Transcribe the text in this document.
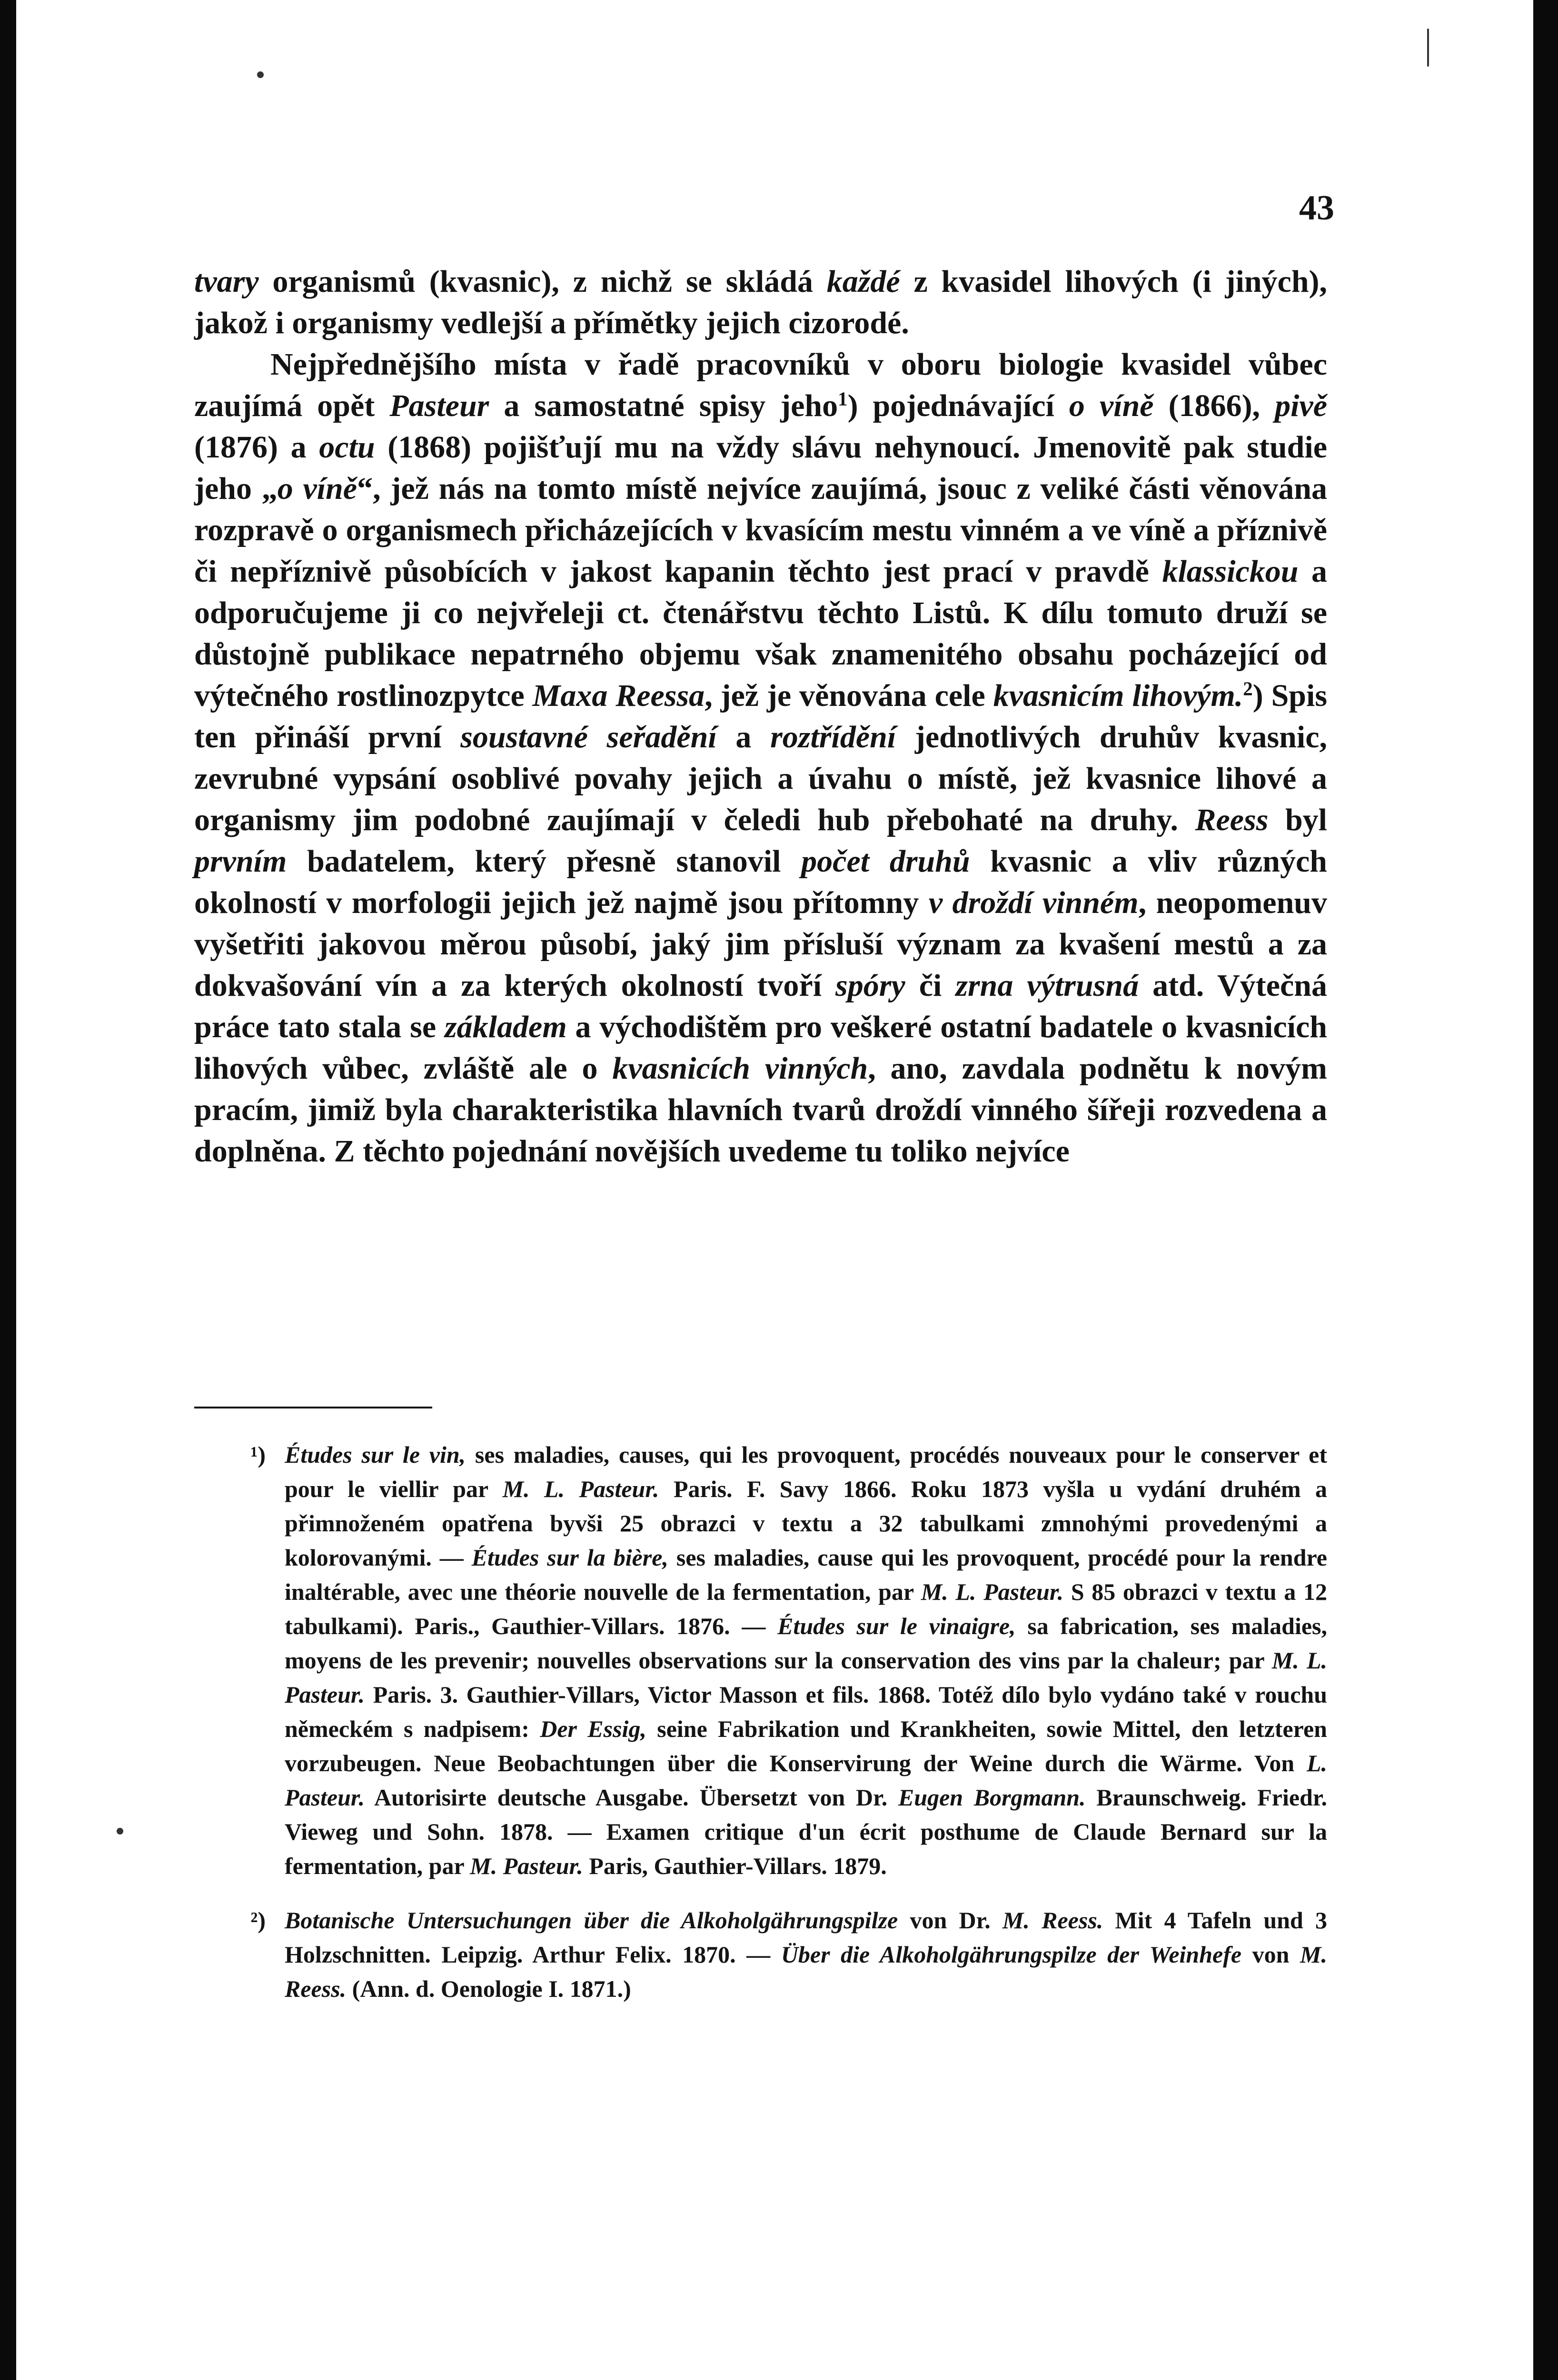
43

tvary organismů (kvasnic), z nichž se skládá každé z kvasidel lihových (i jiných), jakož i organismy vedlejší a přímětky jejich cizorodé.

Nejpřednějšího místa v řadě pracovníků v oboru biologie kvasidel vůbec zaujímá opět Pasteur a samostatné spisy jeho$^1$) pojednávající o víně (1866), pivě (1876) a octu (1868) pojišťují mu na vždy slávu nehynoucí. Jmenovitě pak studie jeho „o víně“, jež nás na tomto místě nejvíce zaujímá, jsouc z veliké části věnována rozpravě o organismech přicházejících v kvasícím mestu vinném a ve víně a příznivě či nepříznivě působících v jakost kapanin těchto jest prací v pravdě klassickou a odporučujeme ji co nejvřeleji ct. čtenářstvu těchto Listů. K dílu tomuto druží se důstojně publikace nepatrného objemu však znamenitého obsahu pocházející od výtečného rostlinozpytce Maxa Reessa, jež je věnována cele kvasnicím lihovým.$^2$) Spis ten přináší první soustavné seřadění a roztřídění jednotlivých druhův kvasnic, zevrubné vypsání osoblivé povahy jejich a úvahu o místě, jež kvasnice lihové a organismy jim podobné zaujímají v čeledi hub přebohaté na druhy. Reess byl prvním badatelem, který přesně stanovil počet druhů kvasnic a vliv různých okolností v morfologii jejich jež najmě jsou přítomny v droždí vinném, neopomenuv vyšetřiti jakovou měrou působí, jaký jim přísluší význam za kvašení mestů a za dokvašování vín a za kterých okolností tvoří spóry či zrna výtrusná atd. Výtečná práce tato stala se základem a východištěm pro veškeré ostatní badatele o kvasnicích lihových vůbec, zvláště ale o kvasnicích vinných, ano, zavdala podnětu k novým pracím, jimiž byla charakteristika hlavních tvarů droždí vinného šířeji rozvedena a doplněna. Z těchto pojednání novějších uvedeme tu toliko nejvíce

¹) Études sur le vin, ses maladies, causes, qui les provoquent, procédés nouveaux pour le conserver et pour le viellir par M. L. Pasteur. Paris. F. Savy 1866. Roku 1873 vyšla u vydání druhém a přimnoženém opatřena byvši 25 obrazci v textu a 32 tabulkami zmnohými provedenými a kolorovanými. — Études sur la bière, ses maladies, cause qui les provoquent, procédé pour la rendre inaltérable, avec une théorie nouvelle de la fermentation, par M. L. Pasteur. S 85 obrazci v textu a 12 tabulkami). Paris., Gauthier-Villars. 1876. — Études sur le vinaigre, sa fabrication, ses maladies, moyens de les prevenir; nouvelles observations sur la conservation des vins par la chaleur; par M. L. Pasteur. Paris. 3. Gauthier-Villars, Victor Masson et fils. 1868. Totéž dílo bylo vydáno také v rouchu německém s nadpisem: Der Essig, seine Fabrikation und Krankheiten, sowie Mittel, den letzteren vorzubeugen. Neue Beobachtungen über die Konservirung der Weine durch die Wärme. Von L. Pasteur. Autorisirte deutsche Ausgabe. Übersetzt von Dr. Eugen Borgmann. Braunschweig. Friedr. Vieweg und Sohn. 1878. — Examen critique d'un écrit posthume de Claude Bernard sur la fermentation, par M. Pasteur. Paris, Gauthier-Villars. 1879.

²) Botanische Untersuchungen über die Alkoholgährungspilze von Dr. M. Reess. Mit 4 Tafeln und 3 Holzschnitten. Leipzig. Arthur Felix. 1870. — Über die Alkoholgährungspilze der Weinhefe von M. Reess. (Ann. d. Oenologie I. 1871.)
